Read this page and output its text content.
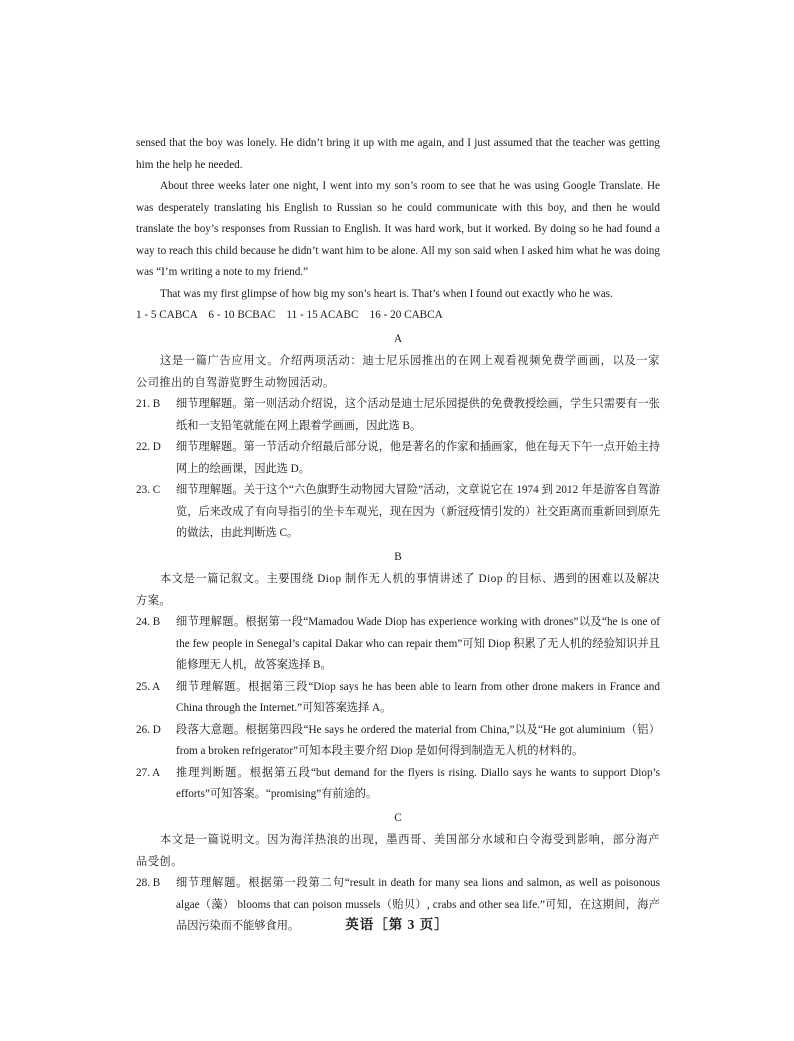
sensed that the boy was lonely. He didn’t bring it up with me again, and I just assumed that the teacher was getting him the help he needed.

About three weeks later one night, I went into my son’s room to see that he was using Google Translate. He was desperately translating his English to Russian so he could communicate with this boy, and then he would translate the boy’s responses from Russian to English. It was hard work, but it worked. By doing so he had found a way to reach this child because he didn’t want him to be alone. All my son said when I asked him what he was doing was “I’m writing a note to my friend.”

That was my first glimpse of how big my son’s heart is. That’s when I found out exactly who he was.

1 - 5 CABCA    6 - 10 BCBAC    11 - 15 ACABC    16 - 20 CABCA

A

这是一篇广告应用文。介绍两项活动：迪士尼乐园推出的在网上观看视频免费学画画，以及一家公司推出的自驾游览野生动物园活动。

21. B	细节理解题。第一则活动介绍说，这个活动是迪士尼乐园提供的免费教授绘画，学生只需要有一张纸和一支铅笔就能在网上跟着学画画，因此选 B。
22. D	细节理解题。第一节活动介绍最后部分说，他是著名的作家和插画家，他在每天下午一点开始主持网上的绘画课，因此选 D。
23. C	细节理解题。关于这个“六色旗野生动物园大冒险”活动，文章说它在 1974 到 2012 年是游客自驾游览，后来改成了有向导指引的坐卡车观光，现在因为（新冠疫情引发的）社交距离而重新回到原先的做法，由此判断选 C。

B

本文是一篇记叙文。主要围绕 Diop 制作无人机的事情讲述了 Diop 的目标、遇到的困难以及解决方案。

24. B	细节理解题。根据第一段“Mamadou Wade Diop has experience working with drones”以及“he is one of the few people in Senegal’s capital Dakar who can repair them”可知 Diop 积累了无人机的经验知识并且能修理无人机，故答案选择 B。
25. A	细节理解题。根据第三段“Diop says he has been able to learn from other drone makers in France and China through the Internet.”可知答案选择 A。
26. D	段落大意题。根据第四段“He says he ordered the material from China,”以及“He got aluminium（铝） from a broken refrigerator”可知本段主要介绍 Diop 是如何得到制造无人机的材料的。
27. A	推理判断题。根据第五段“but demand for the flyers is rising. Diallo says he wants to support Diop’s efforts”可知答案。“promising”有前途的。

C

本文是一篇说明文。因为海洋热浪的出现，墨西哥、美国部分水域和白令海受到影响，部分海产品受创。

28. B	细节理解题。根据第一段第二句“result in death for many sea lions and salmon, as well as poisonous algae（藻） blooms that can poison mussels（贻贝）, crabs and other sea life.”可知，在这期间，海产品因污染而不能够食用。	英语［第 3 页］
